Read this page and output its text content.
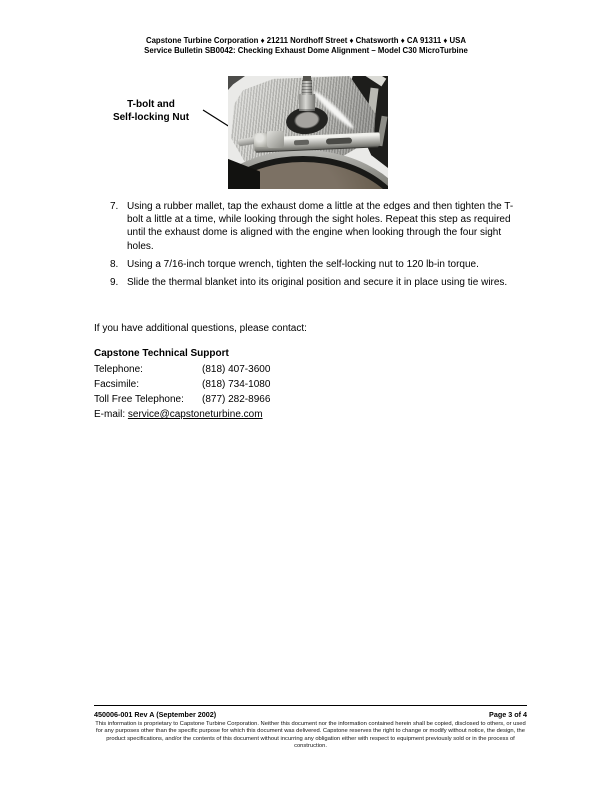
Capstone Turbine Corporation ♦ 21211 Nordhoff Street ♦ Chatsworth ♦ CA 91311 ♦ USA
Service Bulletin SB0042: Checking Exhaust Dome Alignment – Model C30 MicroTurbine
T-bolt and
Self-locking Nut
7. Using a rubber mallet, tap the exhaust dome a little at the edges and then tighten the T-bolt a little at a time, while looking through the sight holes. Repeat this step as required until the exhaust dome is aligned with the engine when looking through the four sight holes.
8. Using a 7/16-inch torque wrench, tighten the self-locking nut to 120 lb-in torque.
9. Slide the thermal blanket into its original position and secure it in place using tie wires.
If you have additional questions, please contact:
Capstone Technical Support
Telephone:	(818) 407-3600
Facsimile:	(818) 734-1080
Toll Free Telephone:	(877) 282-8966
E-mail: service@capstoneturbine.com
450006-001 Rev A (September 2002)	Page 3 of 4
This information is proprietary to Capstone Turbine Corporation. Neither this document nor the information contained herein shall be copied, disclosed to others, or used for any purposes other than the specific purpose for which this document was delivered. Capstone reserves the right to change or modify without notice, the design, the product specifications, and/or the contents of this document without incurring any obligation either with respect to equipment previously sold or in the process of construction.
